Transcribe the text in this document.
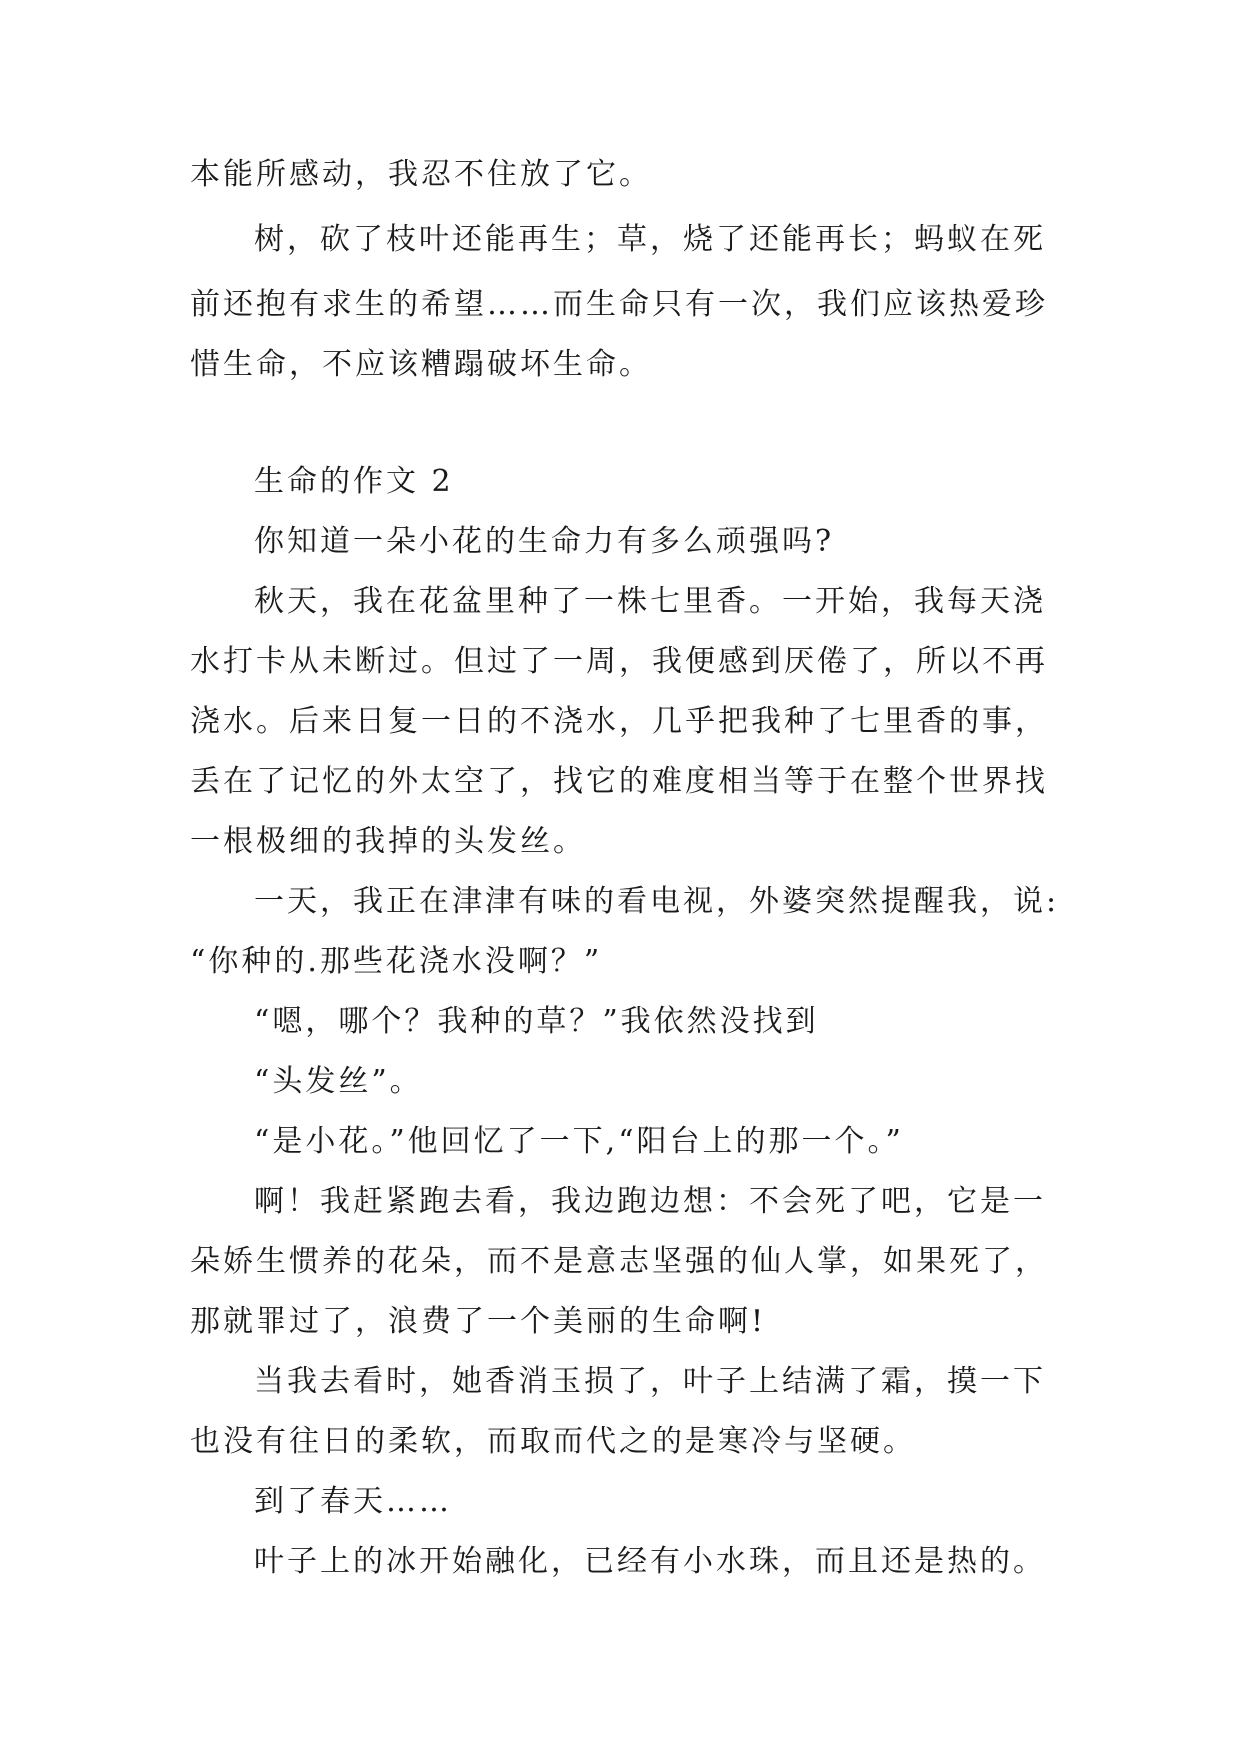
本能所感动，我忍不住放了它。
树，砍了枝叶还能再生；草，烧了还能再长；蚂蚁在死
前还抱有求生的希望……而生命只有一次，我们应该热爱珍
惜生命，不应该糟蹋破坏生命。
生命的作文 2
你知道一朵小花的生命力有多么顽强吗?
秋天，我在花盆里种了一株七里香。一开始，我每天浇
水打卡从未断过。但过了一周，我便感到厌倦了，所以不再
浇水。后来日复一日的不浇水，几乎把我种了七里香的事，
丢在了记忆的外太空了，找它的难度相当等于在整个世界找
一根极细的我掉的头发丝。
一天，我正在津津有味的看电视，外婆突然提醒我，说:
“你种的.那些花浇水没啊？”
“嗯，哪个？我种的草？”我依然没找到
“头发丝”。
“是小花。”他回忆了一下,“阳台上的那一个。”
啊！我赶紧跑去看，我边跑边想：不会死了吧，它是一
朵娇生惯养的花朵，而不是意志坚强的仙人掌，如果死了，
那就罪过了，浪费了一个美丽的生命啊!
当我去看时，她香消玉损了，叶子上结满了霜，摸一下
也没有往日的柔软，而取而代之的是寒冷与坚硬。
到了春天……
叶子上的冰开始融化，已经有小水珠，而且还是热的。
